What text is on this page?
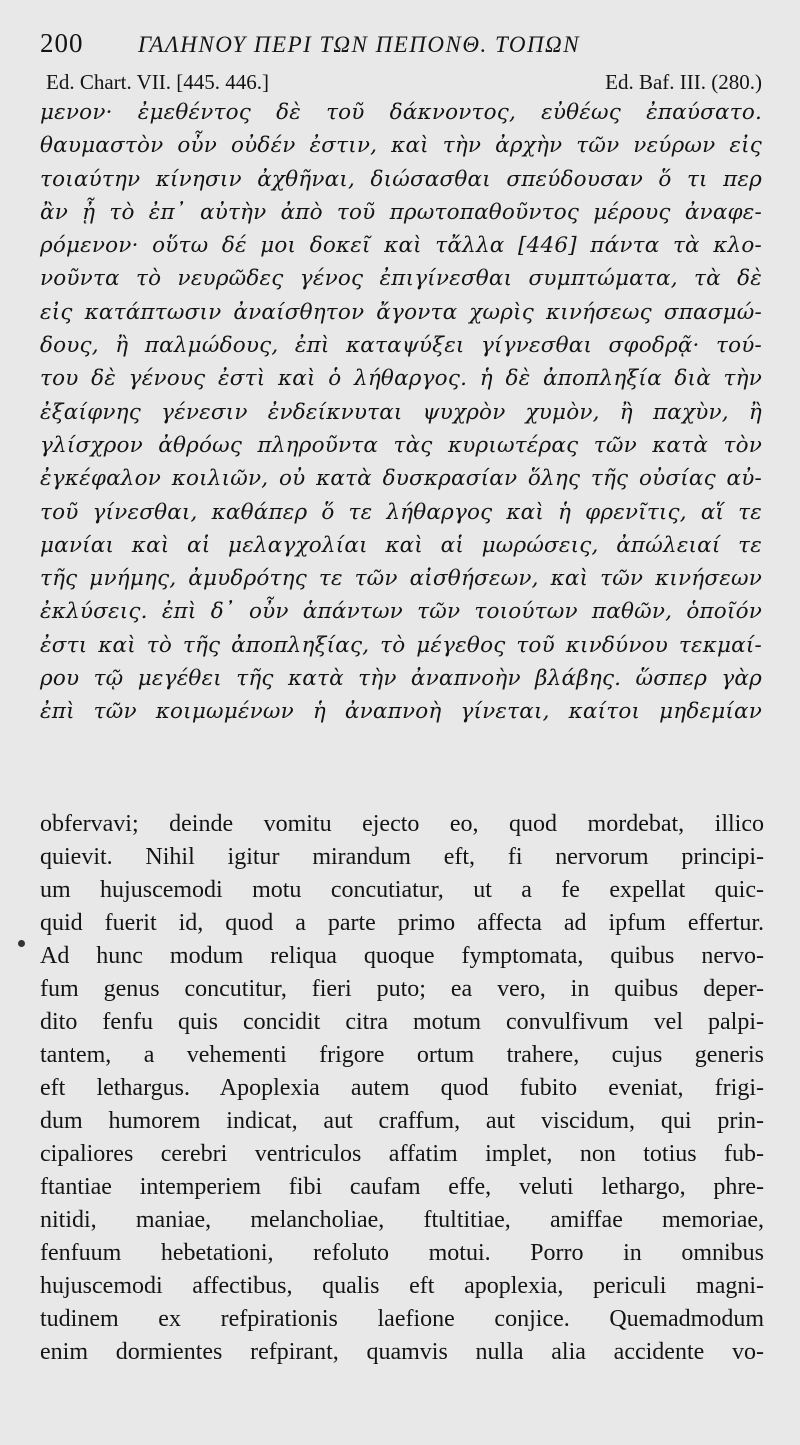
200	ΓΑΛΗΝΟΥ ΠΕΡΙ ΤΩΝ ΠΕΠΟΝΘ. ΤΟΠΩΝ
Ed. Chart. VII. [445. 446.]	Ed. Baf. III. (280.)
μενον· ἐμεθέντος δὲ τοῦ δάκνοντος, εὐθέως ἐπαύσατο.
θαυμαστὸν οὖν οὐδέν ἐστιν, καὶ τὴν ἀρχὴν τῶν νεύρων εἰς
τοιαύτην κίνησιν ἀχθῆναι, διώσασθαι σπεύδουσαν ὅ τι περ
ἂν ᾖ τὸ ἐπ᾽ αὐτὴν ἀπὸ τοῦ πρωτοπαθοῦντος μέρους ἀναφε-
ρόμενον· οὕτω δέ μοι δοκεῖ καὶ τἄλλα [446] πάντα τὰ κλο-
νοῦντα τὸ νευρῶδες γένος ἐπιγίνεσθαι συμπτώματα, τὰ δὲ
εἰς κατάπτωσιν ἀναίσθητον ἄγοντα χωρὶς κινήσεως σπασμώ-
δους, ἢ παλμώδους, ἐπὶ καταψύξει γίγνεσθαι σφοδρᾷ· τού-
του δὲ γένους ἐστὶ καὶ ὁ λήθαργος. ἡ δὲ ἀποπληξία διὰ τὴν
ἐξαίφνης γένεσιν ἐνδείκνυται ψυχρὸν χυμὸν, ἢ παχὺν, ἢ
γλίσχρον ἀθρόως πληροῦντα τὰς κυριωτέρας τῶν κατὰ τὸν
ἐγκέφαλον κοιλιῶν, οὐ κατὰ δυσκρασίαν ὅλης τῆς οὐσίας αὐ-
τοῦ γίνεσθαι, καθάπερ ὅ τε λήθαργος καὶ ἡ φρενῖτις, αἵ τε
μανίαι καὶ αἱ μελαγχολίαι καὶ αἱ μωρώσεις, ἀπώλειαί τε
τῆς μνήμης, ἀμυδρότης τε τῶν αἰσθήσεων, καὶ τῶν κινήσεων
ἐκλύσεις. ἐπὶ δ᾽ οὖν ἁπάντων τῶν τοιούτων παθῶν, ὁποῖόν
ἐστι καὶ τὸ τῆς ἀποπληξίας, τὸ μέγεθος τοῦ κινδύνου τεκμαί-
ρου τῷ μεγέθει τῆς κατὰ τὴν ἀναπνοὴν βλάβης. ὥσπερ γὰρ
ἐπὶ τῶν κοιμωμένων ἡ ἀναπνοὴ γίνεται, καίτοι μηδεμίαν
obfervavi; deinde vomitu ejecto eo, quod mordebat, illico
quievit. Nihil igitur mirandum eft, fi nervorum principi-
um hujuscemodi motu concutiatur, ut a fe expellat quic-
quid fuerit id, quod a parte primo affecta ad ipfum effertur.
Ad hunc modum reliqua quoque fymptomata, quibus nervo-
fum genus concutitur, fieri puto; ea vero, in quibus deper-
dito fenfu quis concidit citra motum convulfivum vel palpi-
tantem, a vehementi frigore ortum trahere, cujus generis
eft lethargus. Apoplexia autem quod fubito eveniat, frigi-
dum humorem indicat, aut craffum, aut viscidum, qui prin-
cipaliores cerebri ventriculos affatim implet, non totius fub-
ftantiae intemperiem fibi caufam effe, veluti lethargo, phre-
nitidi, maniae, melancholiae, ftultitiae, amiffae memoriae,
fenfuum hebetationi, refoluto motui. Porro in omnibus
hujuscemodi affectibus, qualis eft apoplexia, periculi magni-
tudinem ex refpirationis laefione conjice. Quemadmodum
enim dormientes refpirant, quamvis nulla alia accidente vo-
